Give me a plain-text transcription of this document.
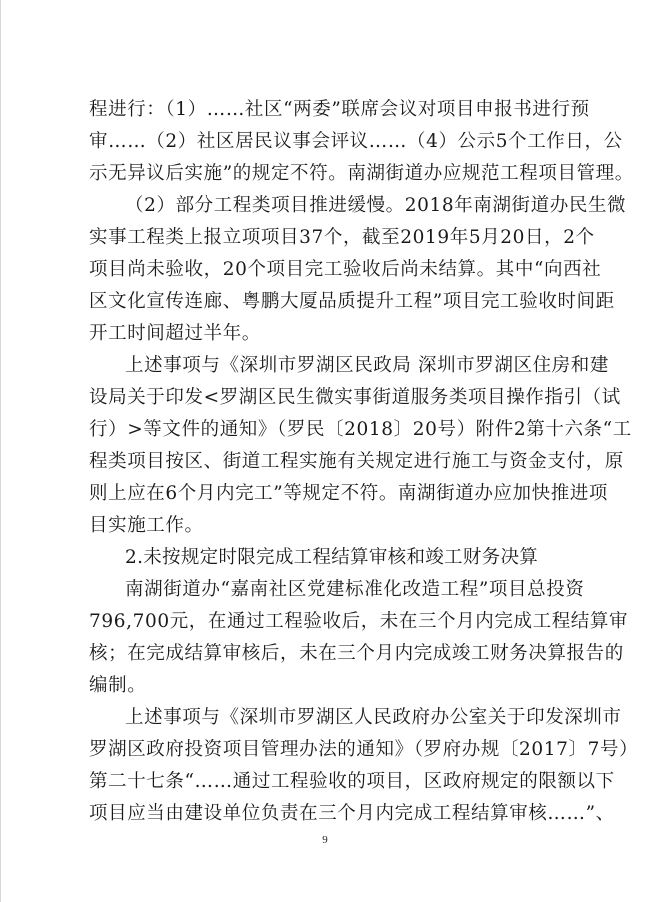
程进行：（1）……社区“两委”联席会议对项目申报书进行预
审……（2）社区居民议事会评议……（4）公示5个工作日，公
示无异议后实施”的规定不符。南湖街道办应规范工程项目管理。
（2）部分工程类项目推进缓慢。2018年南湖街道办民生微
实事工程类上报立项项目37个，截至2019年5月20日，2个
项目尚未验收，20个项目完工验收后尚未结算。其中“向西社
区文化宣传连廊、粤鹏大厦品质提升工程”项目完工验收时间距
开工时间超过半年。
上述事项与《深圳市罗湖区民政局 深圳市罗湖区住房和建
设局关于印发<罗湖区民生微实事街道服务类项目操作指引（试
行）>等文件的通知》（罗民〔2018〕20号）附件2第十六条“工
程类项目按区、街道工程实施有关规定进行施工与资金支付，原
则上应在6个月内完工”等规定不符。南湖街道办应加快推进项
目实施工作。
2.未按规定时限完成工程结算审核和竣工财务决算
南湖街道办“嘉南社区党建标准化改造工程”项目总投资
796,700元，在通过工程验收后，未在三个月内完成工程结算审
核；在完成结算审核后，未在三个月内完成竣工财务决算报告的
编制。
上述事项与《深圳市罗湖区人民政府办公室关于印发深圳市
罗湖区政府投资项目管理办法的通知》（罗府办规〔2017〕7号）
第二十七条“……通过工程验收的项目，区政府规定的限额以下
项目应当由建设单位负责在三个月内完成工程结算审核……”、
9
